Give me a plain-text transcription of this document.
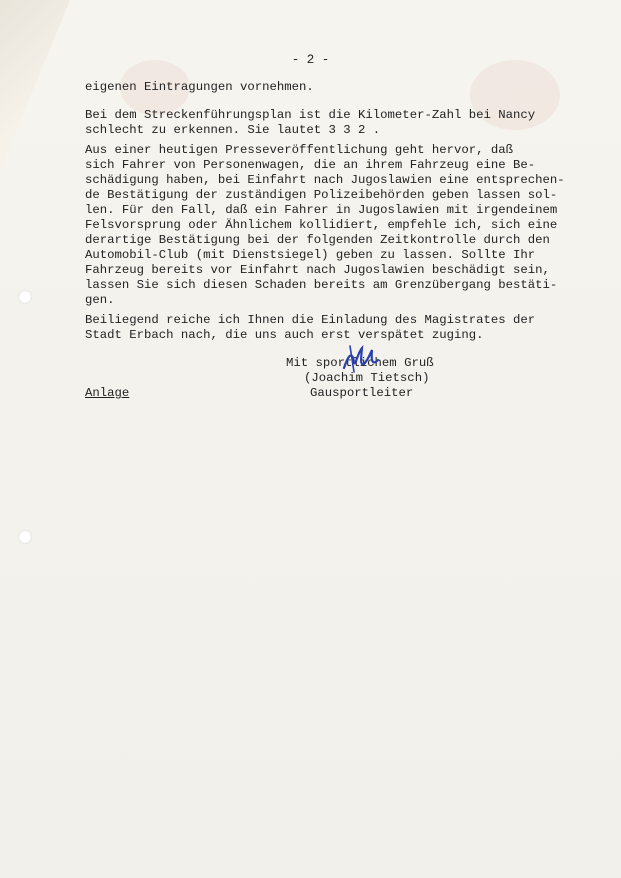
- 2 -
eigenen Eintragungen vornehmen.
Bei dem Streckenführungsplan ist die Kilometer-Zahl bei Nancy
schlecht zu erkennen. Sie lautet 3 3 2 .
Aus einer heutigen Presseveröffentlichung geht hervor, daß
sich Fahrer von Personenwagen, die an ihrem Fahrzeug eine Be-
schädigung haben, bei Einfahrt nach Jugoslawien eine entsprechen-
de Bestätigung der zuständigen Polizeibehörden geben lassen sol-
len. Für den Fall, daß ein Fahrer in Jugoslawien mit irgendeinem
Felsvorsprung oder Ähnlichem kollidiert, empfehle ich, sich eine
derartige Bestätigung bei der folgenden Zeitkontrolle durch den
Automobil-Club (mit Dienstsiegel) geben zu lassen. Sollte Ihr
Fahrzeug bereits vor Einfahrt nach Jugoslawien beschädigt sein,
lassen Sie sich diesen Schaden bereits am Grenzübergang bestäti-
gen.
Beiliegend reiche ich Ihnen die Einladung des Magistrates der
Stadt Erbach nach, die uns auch erst verspätet zuging.
Mit sportlichem Gruß
(Joachim Tietsch)
Gausportleiter
Anlage
